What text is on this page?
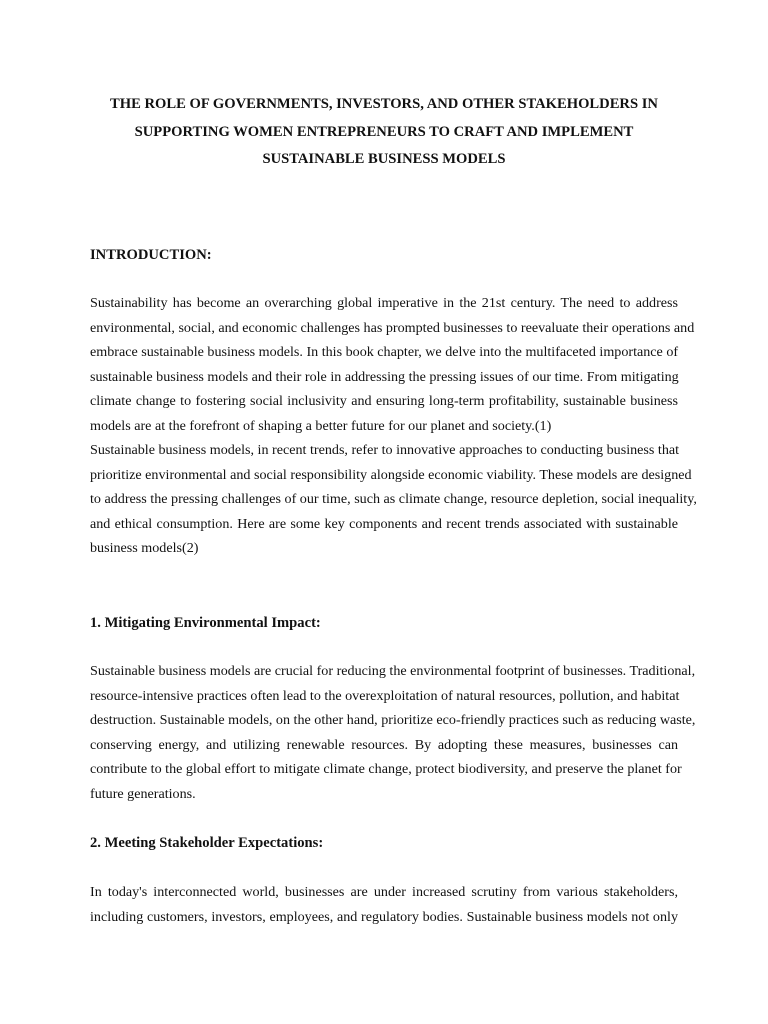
THE ROLE OF GOVERNMENTS, INVESTORS, AND OTHER STAKEHOLDERS IN
SUPPORTING WOMEN ENTREPRENEURS TO CRAFT AND IMPLEMENT
SUSTAINABLE BUSINESS MODELS
INTRODUCTION:

Sustainability has become an overarching global imperative in the 21st century. The need to address
environmental, social, and economic challenges has prompted businesses to reevaluate their operations and
embrace sustainable business models. In this book chapter, we delve into the multifaceted importance of
sustainable business models and their role in addressing the pressing issues of our time. From mitigating
climate change to fostering social inclusivity and ensuring long-term profitability, sustainable business
models are at the forefront of shaping a better future for our planet and society.(1)

Sustainable business models, in recent trends, refer to innovative approaches to conducting business that
prioritize environmental and social responsibility alongside economic viability. These models are designed
to address the pressing challenges of our time, such as climate change, resource depletion, social inequality,
and ethical consumption. Here are some key components and recent trends associated with sustainable
business models(2)

1. Mitigating Environmental Impact:

Sustainable business models are crucial for reducing the environmental footprint of businesses. Traditional,
resource-intensive practices often lead to the overexploitation of natural resources, pollution, and habitat
destruction. Sustainable models, on the other hand, prioritize eco-friendly practices such as reducing waste,
conserving energy, and utilizing renewable resources. By adopting these measures, businesses can
contribute to the global effort to mitigate climate change, protect biodiversity, and preserve the planet for
future generations.

2. Meeting Stakeholder Expectations:

In today's interconnected world, businesses are under increased scrutiny from various stakeholders,
including customers, investors, employees, and regulatory bodies. Sustainable business models not only
